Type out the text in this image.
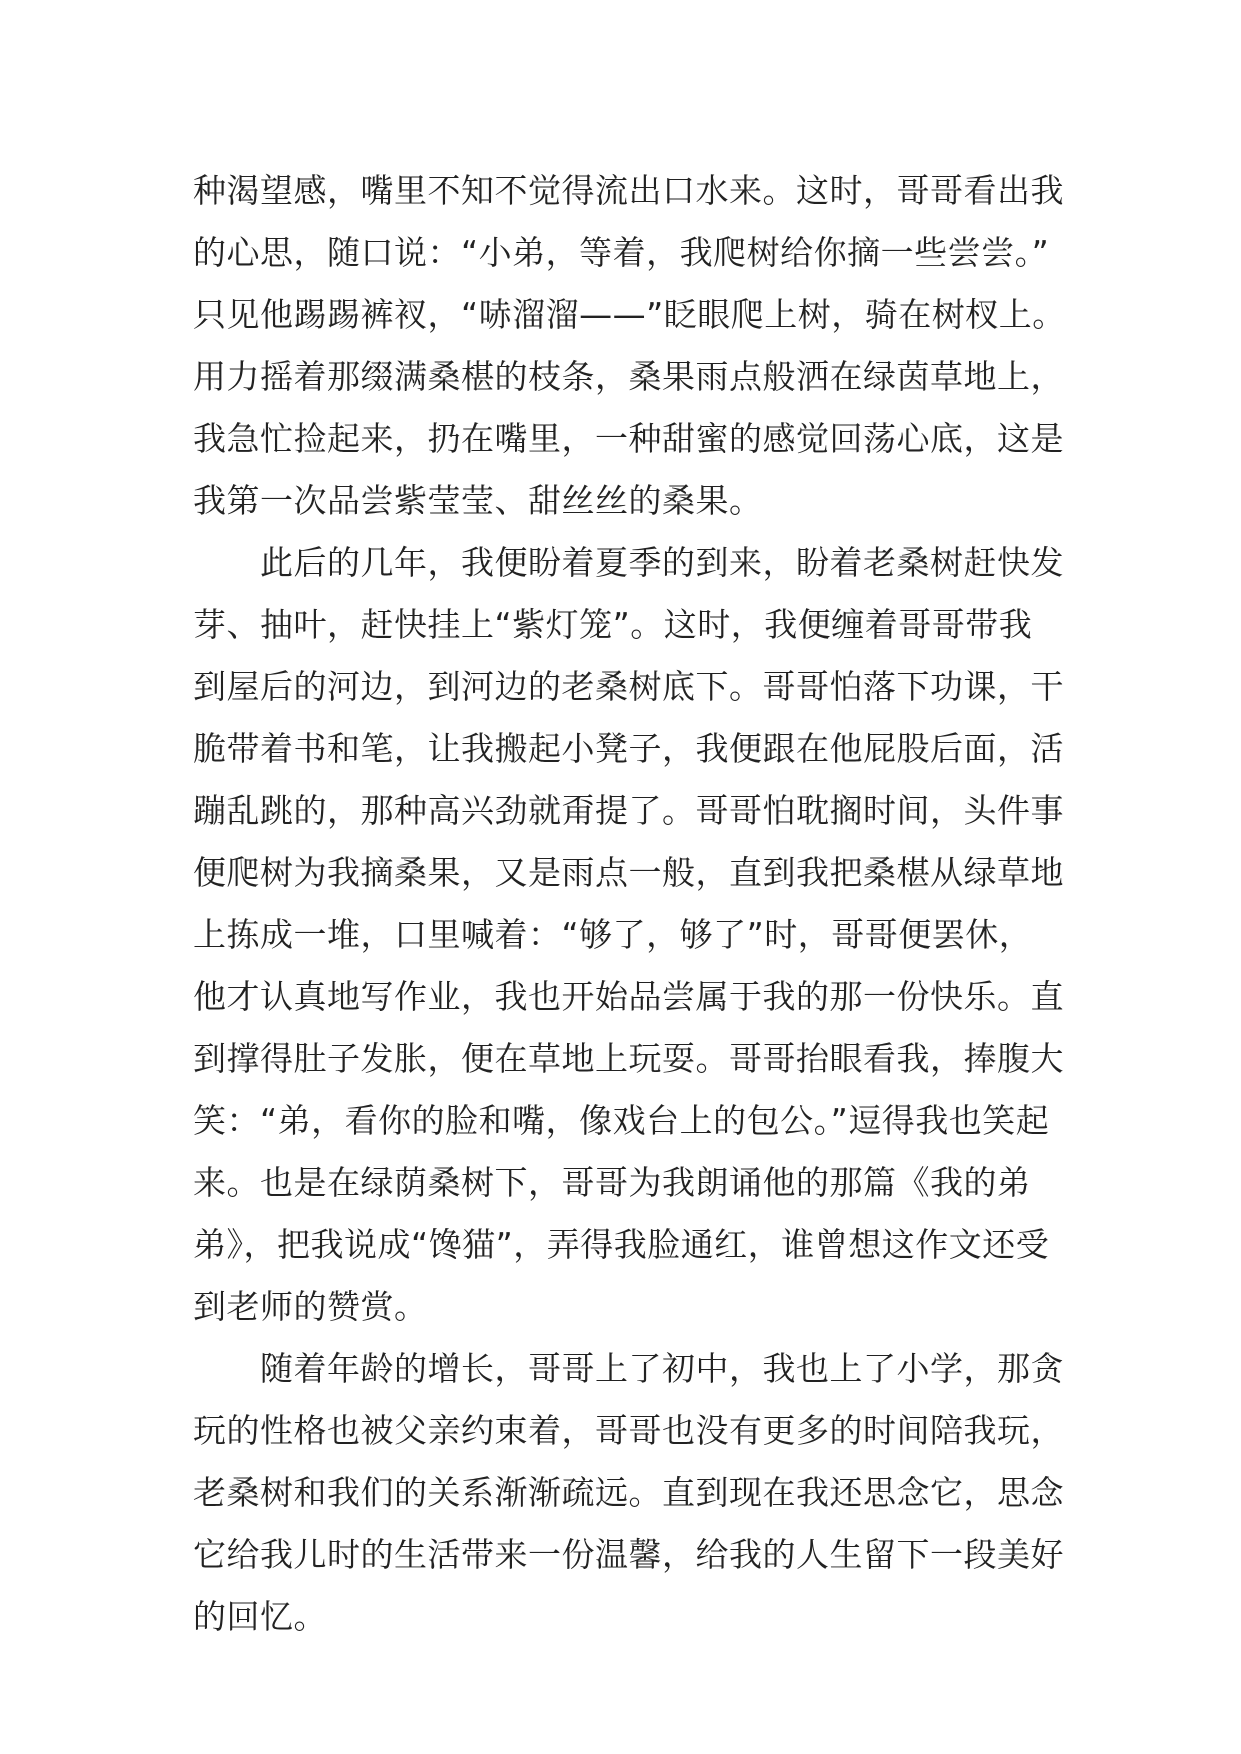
种渴望感，嘴里不知不觉得流出口水来。这时，哥哥看出我
的心思，随口说：“小弟，等着，我爬树给你摘一些尝尝。”
只见他踢踢裤衩，“哧溜溜——”眨眼爬上树，骑在树杈上。
用力摇着那缀满桑椹的枝条，桑果雨点般洒在绿茵草地上，
我急忙捡起来，扔在嘴里，一种甜蜜的感觉回荡心底，这是
我第一次品尝紫莹莹、甜丝丝的桑果。
　　此后的几年，我便盼着夏季的到来，盼着老桑树赶快发
芽、抽叶，赶快挂上“紫灯笼”。这时，我便缠着哥哥带我
到屋后的河边，到河边的老桑树底下。哥哥怕落下功课，干
脆带着书和笔，让我搬起小凳子，我便跟在他屁股后面，活
蹦乱跳的，那种高兴劲就甭提了。哥哥怕耽搁时间，头件事
便爬树为我摘桑果，又是雨点一般，直到我把桑椹从绿草地
上拣成一堆，口里喊着：“够了，够了”时，哥哥便罢休，
他才认真地写作业，我也开始品尝属于我的那一份快乐。直
到撑得肚子发胀，便在草地上玩耍。哥哥抬眼看我，捧腹大
笑：“弟，看你的脸和嘴，像戏台上的包公。”逗得我也笑起
来。也是在绿荫桑树下，哥哥为我朗诵他的那篇《我的弟
弟》，把我说成“馋猫”，弄得我脸通红，谁曾想这作文还受
到老师的赞赏。
　　随着年龄的增长，哥哥上了初中，我也上了小学，那贪
玩的性格也被父亲约束着，哥哥也没有更多的时间陪我玩，
老桑树和我们的关系渐渐疏远。直到现在我还思念它，思念
它给我儿时的生活带来一份温馨，给我的人生留下一段美好
的回忆。
